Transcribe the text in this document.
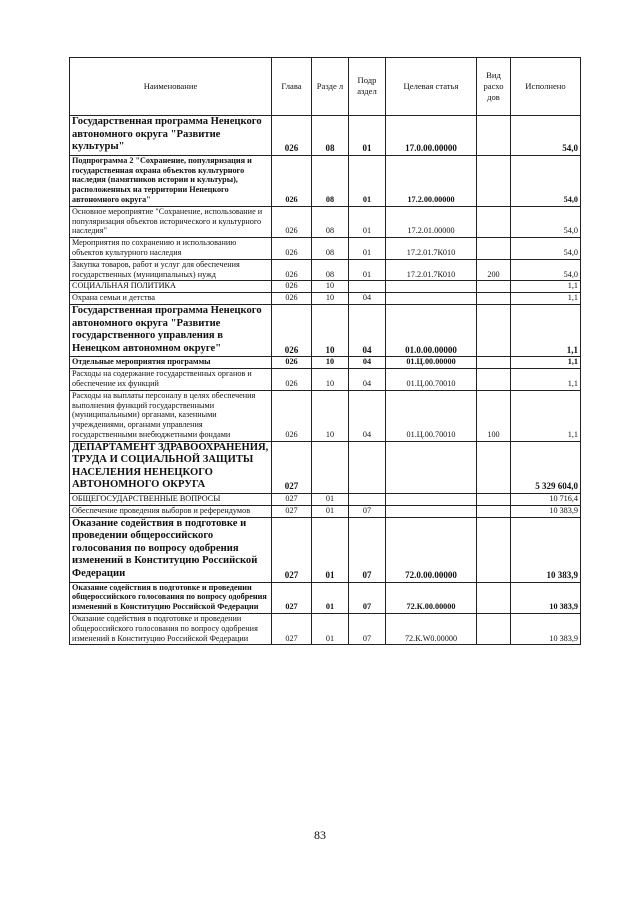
Наименование	Глава	Разде л	Подр аздел	Целевая статья	Вид расхо дов	Исполнено
Государственная программа Ненецкого автономного округа "Развитие культуры"	026	08	01	17.0.00.00000		54,0
Подпрограмма 2 "Сохранение, популяризация и государственная охрана объектов культурного наследия (памятников истории и культуры), расположенных на территории Ненецкого автономного округа"	026	08	01	17.2.00.00000		54,0
Основное мероприятие "Сохранение, использование и популяризация объектов исторического и культурного наследия"	026	08	01	17.2.01.00000		54,0
Мероприятия по сохранению и использованию объектов культурного наследия	026	08	01	17.2.01.7К010		54,0
Закупка товаров, работ и услуг для обеспечения государственных (муниципальных) нужд	026	08	01	17.2.01.7К010	200	54,0
СОЦИАЛЬНАЯ ПОЛИТИКА	026	10				1,1
Охрана семьи и детства	026	10	04			1,1
Государственная программа Ненецкого автономного округа "Развитие государственного управления в Ненецком автономном округе"	026	10	04	01.0.00.00000		1,1
Отдельные мероприятия программы	026	10	04	01.Ц.00.00000		1,1
Расходы на содержание государственных органов и обеспечение их функций	026	10	04	01.Ц.00.70010		1,1
Расходы на выплаты персоналу в целях обеспечения выполнения функций государственными (муниципальными) органами, казенными учреждениями, органами управления государственными внебюджетными фондами	026	10	04	01.Ц.00.70010	100	1,1
ДЕПАРТАМЕНТ ЗДРАВООХРАНЕНИЯ, ТРУДА И СОЦИАЛЬНОЙ ЗАЩИТЫ НАСЕЛЕНИЯ НЕНЕЦКОГО АВТОНОМНОГО ОКРУГА	027					5 329 604,0
ОБЩЕГОСУДАРСТВЕННЫЕ ВОПРОСЫ	027	01				10 716,4
Обеспечение проведения выборов и референдумов	027	01	07			10 383,9
Оказание содействия в подготовке и проведении общероссийского голосования по вопросу одобрения изменений в Конституцию Российской Федерации	027	01	07	72.0.00.00000		10 383,9
Оказание содействия в подготовке и проведении общероссийского голосования по вопросу одобрения изменений в Конституцию Российской Федерации	027	01	07	72.К.00.00000		10 383,9
Оказание содействия в подготовке и проведении общероссийского голосования по вопросу одобрения изменений в Конституцию Российской Федерации	027	01	07	72.К.W0.00000		10 383,9
83
